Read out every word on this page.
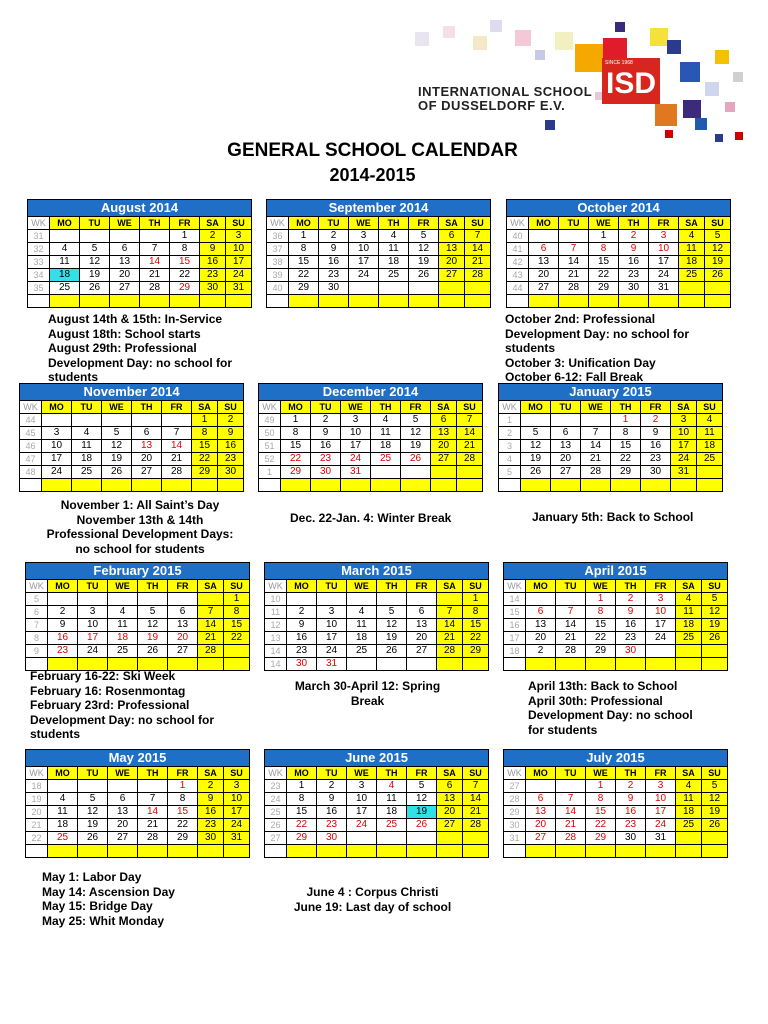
INTERNATIONAL SCHOOL
OF DUSSELDORF E.V.
ISD
SINCE 1968
GENERAL SCHOOL CALENDAR
2014-2015
August 2014							
WK	MO	TU	WE	TH	FR	SA	SU
31					1	2	3
32	4	5	6	7	8	9	10
33	11	12	13	14	15	16	17
34	18	19	20	21	22	23	24
35	25	26	27	28	29	30	31

September 2014							
WK	MO	TU	WE	TH	FR	SA	SU
36	1	2	3	4	5	6	7
37	8	9	10	11	12	13	14
38	15	16	17	18	19	20	21
39	22	23	24	25	26	27	28
40	29	30					

October 2014							
WK	MO	TU	WE	TH	FR	SA	SU
40			1	2	3	4	5
41	6	7	8	9	10	11	12
42	13	14	15	16	17	18	19
43	20	21	22	23	24	25	26
44	27	28	29	30	31		

November 2014							
WK	MO	TU	WE	TH	FR	SA	SU
44						1	2
45	3	4	5	6	7	8	9
46	10	11	12	13	14	15	16
47	17	18	19	20	21	22	23
48	24	25	26	27	28	29	30

December 2014							
WK	MO	TU	WE	TH	FR	SA	SU
49	1	2	3	4	5	6	7
50	8	9	10	11	12	13	14
51	15	16	17	18	19	20	21
52	22	23	24	25	26	27	28
1	29	30	31				

January 2015							
WK	MO	TU	WE	TH	FR	SA	SU
1				1	2	3	4
2	5	6	7	8	9	10	11
3	12	13	14	15	16	17	18
4	19	20	21	22	23	24	25
5	26	27	28	29	30	31	

February 2015							
WK	MO	TU	WE	TH	FR	SA	SU
5							1
6	2	3	4	5	6	7	8
7	9	10	11	12	13	14	15
8	16	17	18	19	20	21	22
9	23	24	25	26	27	28	

March 2015							
WK	MO	TU	WE	TH	FR	SA	SU
10							1
11	2	3	4	5	6	7	8
12	9	10	11	12	13	14	15
13	16	17	18	19	20	21	22
14	23	24	25	26	27	28	29
14	30	31					
April 2015							
WK	MO	TU	WE	TH	FR	SA	SU
14			1	2	3	4	5
15	6	7	8	9	10	11	12
16	13	14	15	16	17	18	19
17	20	21	22	23	24	25	26
18	2	28	29	30			

May 2015							
WK	MO	TU	WE	TH	FR	SA	SU
18					1	2	3
19	4	5	6	7	8	9	10
20	11	12	13	14	15	16	17
21	18	19	20	21	22	23	24
22	25	26	27	28	29	30	31

June 2015							
WK	MO	TU	WE	TH	FR	SA	SU
23	1	2	3	4	5	6	7
24	8	9	10	11	12	13	14
25	15	16	17	18	19	20	21
26	22	23	24	25	26	27	28
27	29	30					

July 2015							
WK	MO	TU	WE	TH	FR	SA	SU
27			1	2	3	4	5
28	6	7	8	9	10	11	12
29	13	14	15	16	17	18	19
30	20	21	22	23	24	25	26
31	27	28	29	30	31		

August 14th & 15th: In-Service
August 18th: School starts
August 29th: Professional
Development Day: no school for
students
October 2nd: Professional
Development Day: no school for
students
October 3: Unification Day
October 6-12: Fall Break
November 1: All Saint’s Day
November 13th & 14th
Professional Development Days:
no school for students
Dec. 22-Jan. 4: Winter Break	January 5th: Back to School
February 16-22: Ski Week
February 16: Rosenmontag
February 23rd: Professional
Development Day: no school for
students
March 30-April 12: Spring
Break
April 13th: Back to School
April 30th: Professional
Development Day: no school
for students
May 1: Labor Day
May 14: Ascension Day
May 15: Bridge Day
May 25: Whit Monday
June 4 : Corpus Christi
June 19: Last day of school
